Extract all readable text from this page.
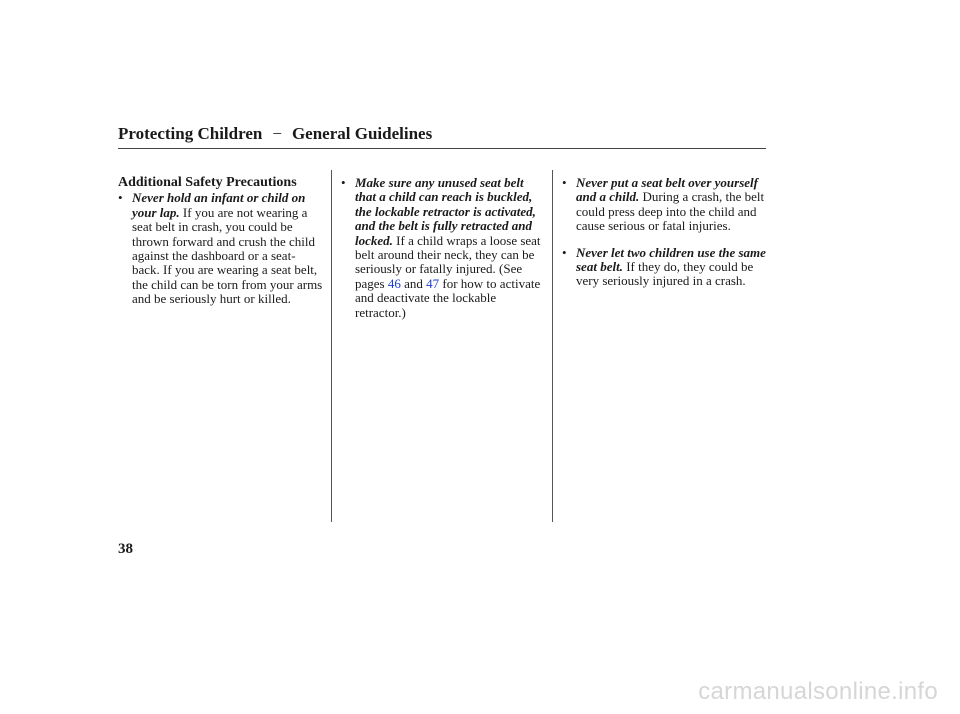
Protecting Children − General Guidelines
Additional Safety Precautions
• Never hold an infant or child on your lap. If you are not wearing a seat belt in crash, you could be thrown forward and crush the child against the dashboard or a seat-back. If you are wearing a seat belt, the child can be torn from your arms and be seriously hurt or killed.
• Make sure any unused seat belt that a child can reach is buckled, the lockable retractor is activated, and the belt is fully retracted and locked. If a child wraps a loose seat belt around their neck, they can be seriously or fatally injured. (See pages 46 and 47 for how to activate and deactivate the lockable retractor.)
• Never put a seat belt over yourself and a child. During a crash, the belt could press deep into the child and cause serious or fatal injuries.
• Never let two children use the same seat belt. If they do, they could be very seriously injured in a crash.
38
carmanualsonline.info
